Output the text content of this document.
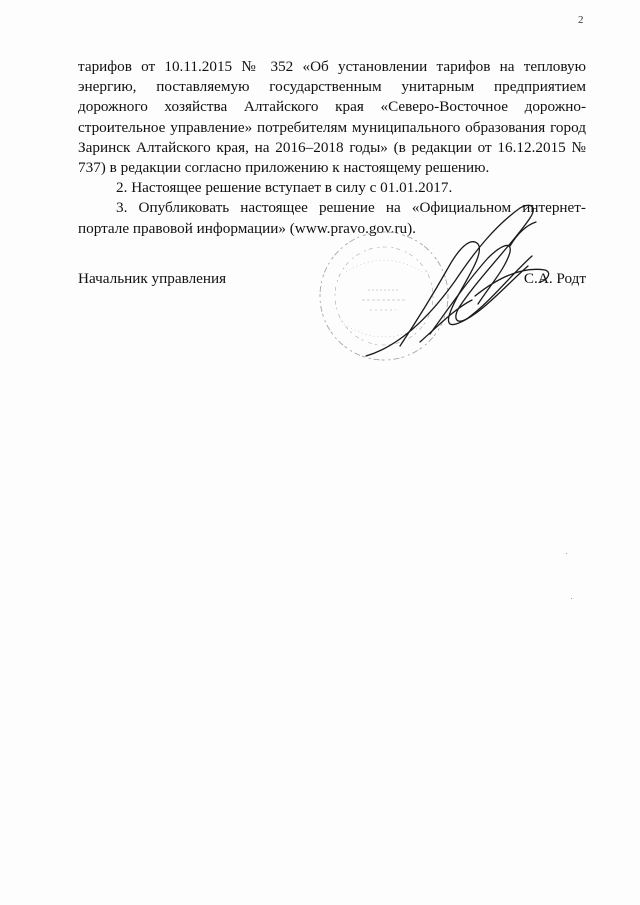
2

тарифов от 10.11.2015 № 352 «Об установлении тарифов на тепловую энергию, поставляемую государственным унитарным предприятием дорожного хозяйства Алтайского края «Северо-Восточное дорожно-строительное управление» потребителям муниципального образования город Заринск Алтайского края, на 2016–2018 годы» (в редакции от 16.12.2015 № 737) в редакции согласно приложению к настоящему решению.

2. Настоящее решение вступает в силу с 01.01.2017.

3. Опубликовать настоящее решение на «Официальном интернет-портале правовой информации» (www.pravo.gov.ru).

Начальник управления	С.А. Родт
